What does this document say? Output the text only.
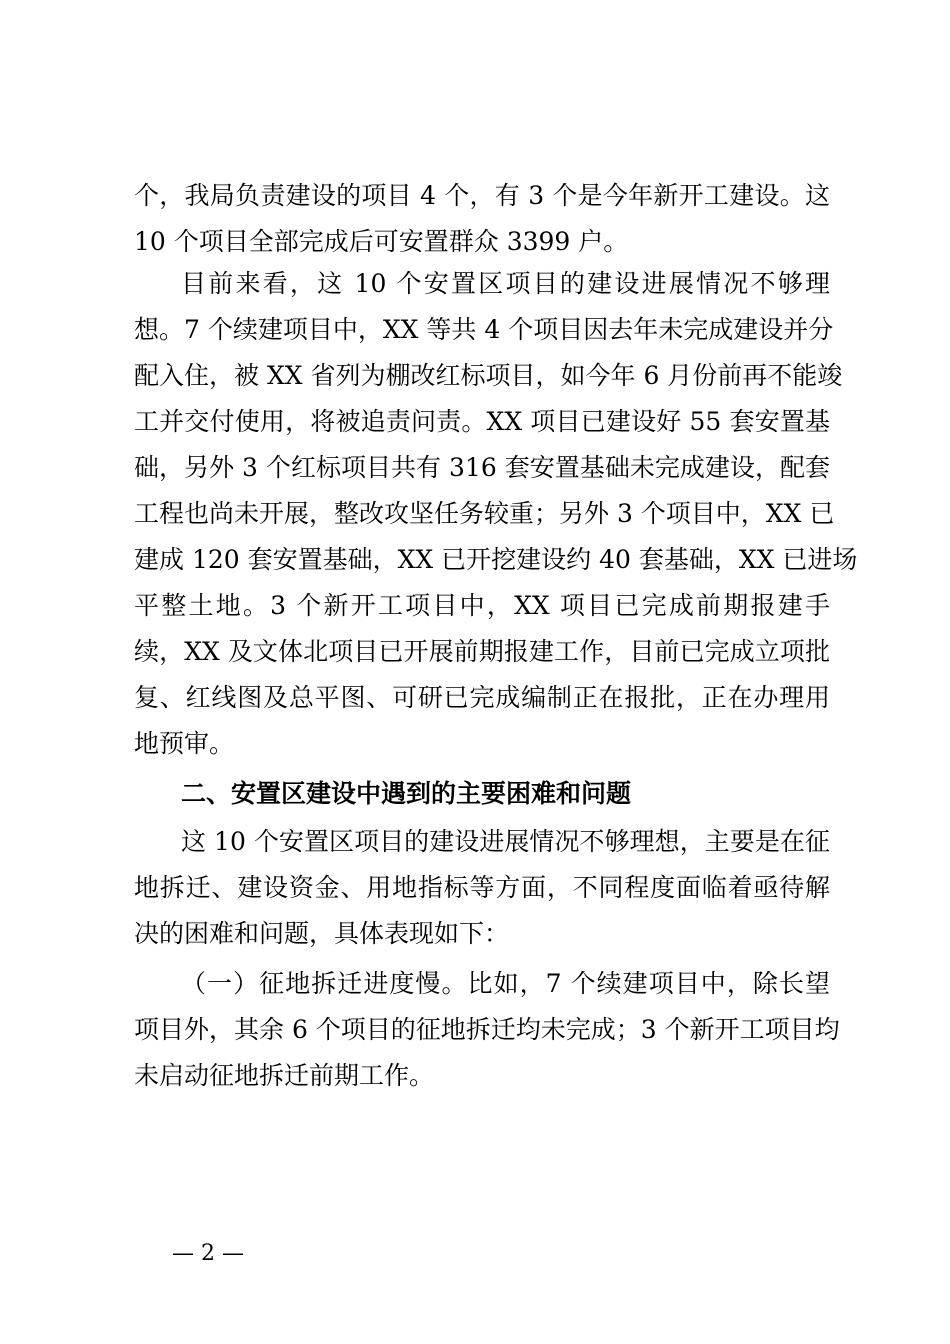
个，我局负责建设的项目 4 个，有 3 个是今年新开工建设。这
10 个项目全部完成后可安置群众 3399 户。
目前来看，这 10 个安置区项目的建设进展情况不够理
想。7 个续建项目中，XX 等共 4 个项目因去年未完成建设并分
配入住，被 XX 省列为棚改红标项目，如今年 6 月份前再不能竣
工并交付使用，将被追责问责。XX 项目已建设好 55 套安置基
础，另外 3 个红标项目共有 316 套安置基础未完成建设，配套
工程也尚未开展，整改攻坚任务较重；另外 3 个项目中，XX 已
建成 120 套安置基础，XX 已开挖建设约 40 套基础，XX 已进场
平整土地。3 个新开工项目中，XX 项目已完成前期报建手
续，XX 及文体北项目已开展前期报建工作，目前已完成立项批
复、红线图及总平图、可研已完成编制正在报批，正在办理用
地预审。
二、安置区建设中遇到的主要困难和问题
这 10 个安置区项目的建设进展情况不够理想，主要是在征
地拆迁、建设资金、用地指标等方面，不同程度面临着亟待解
决的困难和问题，具体表现如下：
（一）征地拆迁进度慢。比如，7 个续建项目中，除长望
项目外，其余 6 个项目的征地拆迁均未完成；3 个新开工项目均
未启动征地拆迁前期工作。
— 2 —
